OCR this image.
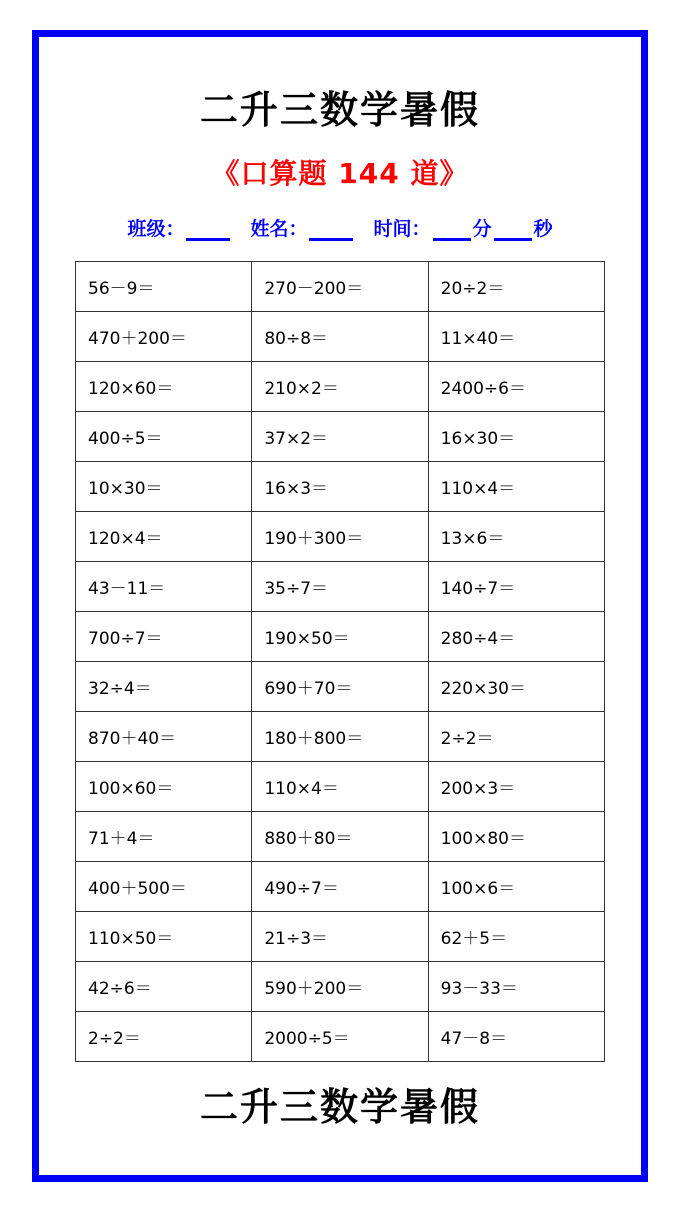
二升三数学暑假
《口算题 144 道》
班级：	姓名：	时间： 分 秒
56－9＝	270－200＝	20÷2＝
470＋200＝	80÷8＝	11×40＝
120×60＝	210×2＝	2400÷6＝
400÷5＝	37×2＝	16×30＝
10×30＝	16×3＝	110×4＝
120×4＝	190＋300＝	13×6＝
43－11＝	35÷7＝	140÷7＝
700÷7＝	190×50＝	280÷4＝
32÷4＝	690＋70＝	220×30＝
870＋40＝	180＋800＝	2÷2＝
100×60＝	110×4＝	200×3＝
71＋4＝	880＋80＝	100×80＝
400＋500＝	490÷7＝	100×6＝
110×50＝	21÷3＝	62＋5＝
42÷6＝	590＋200＝	93－33＝
2÷2＝	2000÷5＝	47－8＝
二升三数学暑假
